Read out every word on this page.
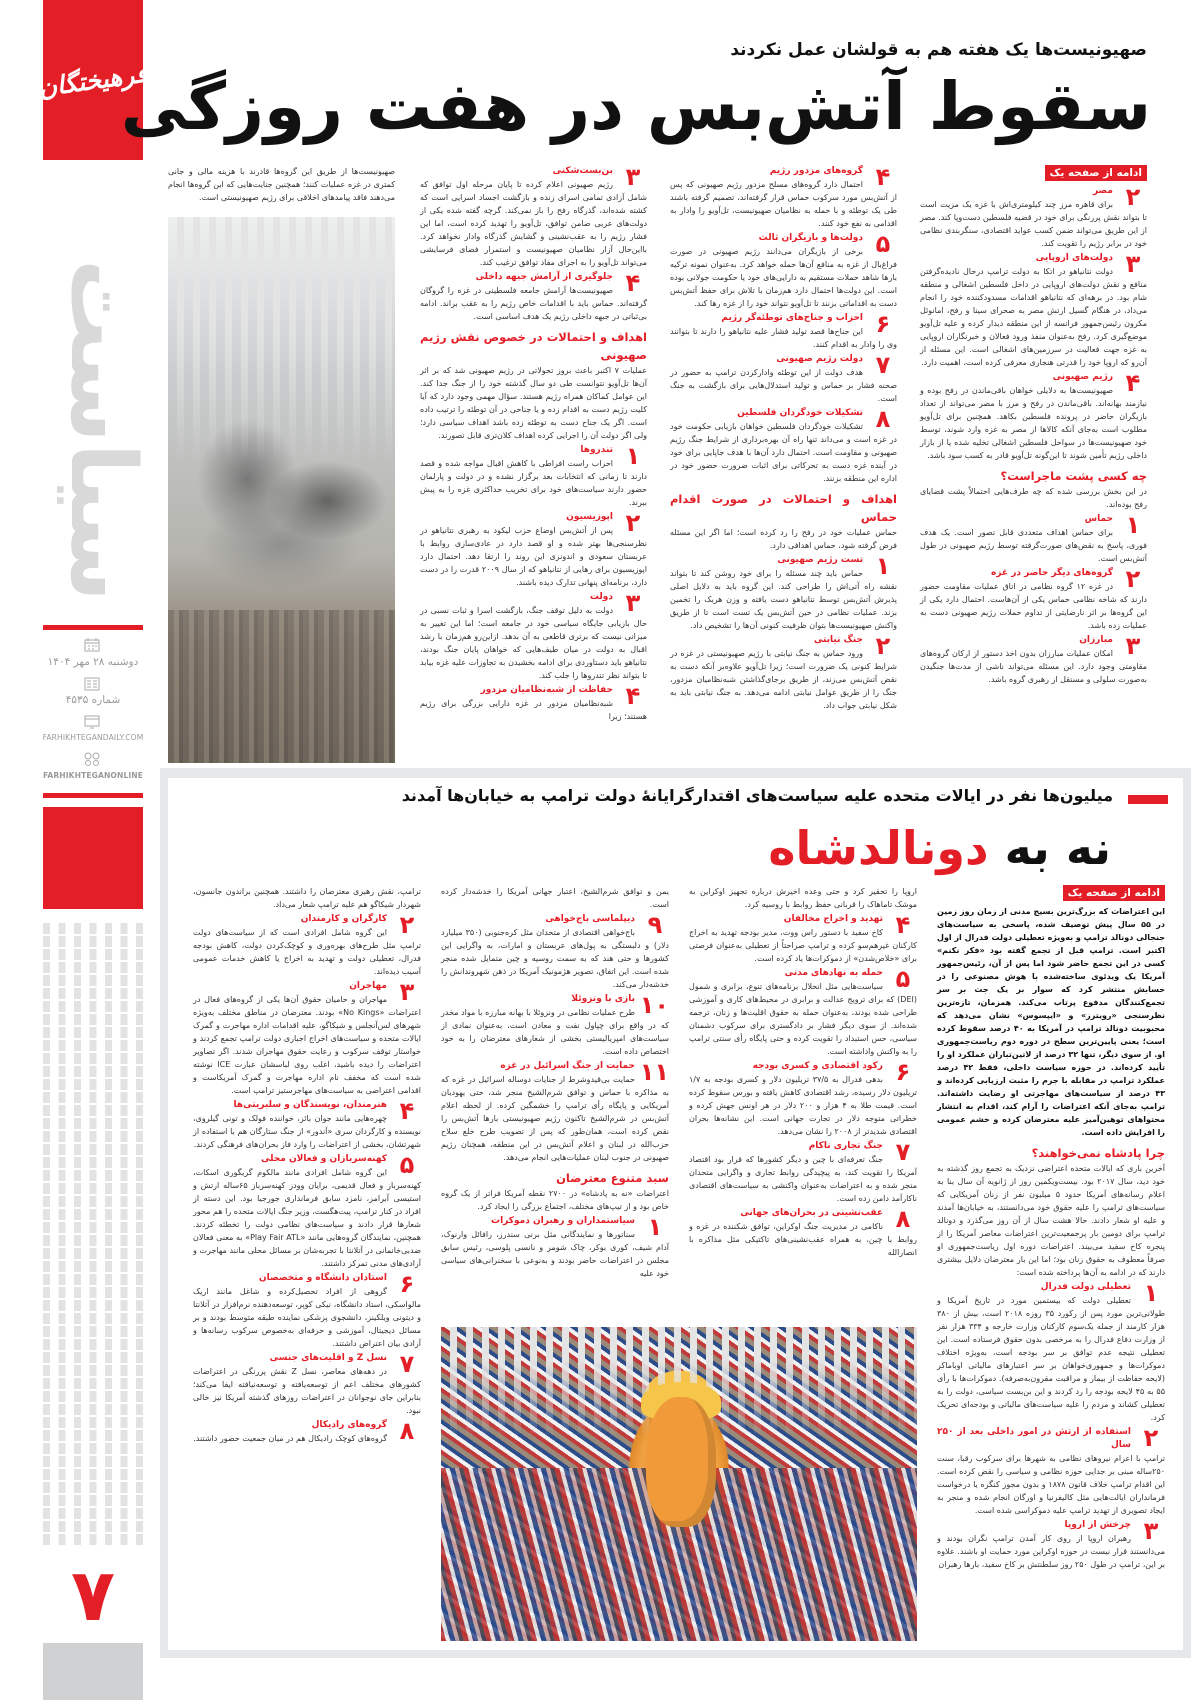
فرهیختگان
سیاست
دوشنبه ۲۸ مهر ۱۴۰۴
شماره ۴۵۳۵
FARHIKHTEGANDAILY.COM
FARHIKHTEGANONLINE
۷
صهیونیست‌ها یک هفته هم به قولشان عمل نکردند
سقوط آتش‌بس در هفت روزگی
ادامه از صفحه یک
۲
مصر
برای قاهره مرز چند کیلومتری‌اش با غزه یک مزیت است تا بتواند نقش پررنگی برای خود در قضیه فلسطین دست‌وپا کند. مصر از این طریق می‌تواند ضمن کسب عواید اقتصادی، سنگربندی نظامی خود در برابر رژیم را تقویت کند.
۳
دولت‌های اروپایی
دولت نتانیاهو در اتکا به دولت ترامپ درحال نادیده‌گرفتن منافع و نقش دولت‌های اروپایی در داخل فلسطین اشغالی و منطقه شام بود. در برهه‌ای که نتانیاهو اقدامات مسدودکننده خود را انجام می‌داد، در هنگام گسیل ارتش مصر به صحرای سینا و رفح، امانوئل مکرون رئیس‌جمهور فرانسه از این منطقه دیدار کرده و علیه تل‌آویو موضع‌گیری کرد. رفح به‌عنوان منفذ ورود فعالان و خبرنگاران اروپایی به غزه جهت فعالیت در سرزمین‌های اشغالی است. این مسئله از آن‌رو که اروپا خود را قدرتی هنجاری معرفی کرده است، اهمیت دارد.
۴
رژیم صهیونی
صهیونیست‌ها به دلایلی خواهان باقی‌ماندن در رفح بوده و نیازمند بهانه‌اند. باقی‌ماندن در رفح و مرز با مصر می‌تواند از تعداد بازیگران حاضر در پرونده فلسطین بکاهد. همچنین برای تل‌آویو مطلوب است به‌جای آنکه کالاها از مصر به غزه وارد شوند، توسط خود صهیونیست‌ها در سواحل فلسطین اشغالی تخلیه شده یا از بازار داخلی رژیم تأمین شوند تا این‌گونه تل‌آویو قادر به کسب سود باشد.
چه کسی پشت ماجراست؟

در این بخش بررسی شده که چه طرف‌هایی احتمالاً پشت قضایای رفح بوده‌اند.

۱
حماس
برای حماس اهداف متعددی قابل تصور است. یک هدف فوری، پاسخ به نقض‌های صورت‌گرفته توسط رژیم صهیونی در طول آتش‌بس است.
۲
گروه‌های دیگر حاضر در غزه
در غزه ۱۲ گروه نظامی در اتاق عملیات مقاومت حضور دارند که شاخه نظامی حماس یکی از آن‌هاست. احتمال دارد یکی از این گروه‌ها بر اثر نارضایتی از تداوم حملات رژیم صهیونی دست به عملیات زده باشد.
۳
مبارزان
امکان عملیات مبارزان بدون اخذ دستور از ارکان گروه‌های مقاومتی وجود دارد. این مسئله می‌تواند ناشی از مدت‌ها جنگیدن به‌صورت سلولی و مستقل از رهبری گروه باشد.
۴
گروه‌های مزدور رژیم
احتمال دارد گروه‌های مسلح مزدور رژیم صهیونی که پس از آتش‌بس مورد سرکوب حماس قرار گرفته‌اند، تصمیم گرفته باشند طی یک توطئه و با حمله به نظامیان صهیونیست، تل‌آویو را وادار به اقدامی به نفع خود کنند.
۵
دولت‌ها و بازیگران ثالث
برخی از بازیگران می‌دانند رژیم صهیونی در صورت فراغ‌بال از غزه به منافع آن‌ها حمله خواهد کرد. به‌عنوان نمونه ترکیه بارها شاهد حملات مستقیم به دارایی‌های خود یا حکومت جولانی بوده است. این دولت‌ها احتمال دارد هم‌زمان با تلاش برای حفظ آتش‌بس دست به اقداماتی بزنند تا تل‌آویو نتواند خود را از غزه رها کند.
۶
احزاب و جناح‌های توطئه‌گر رژیم
این جناح‌ها قصد تولید فشار علیه نتانیاهو را دارند تا بتوانند وی را وادار به اقدام کنند.
۷
دولت رژیم صهیونی
هدف دولت از این توطئه وادارکردن ترامپ به حضور در صحنه فشار بر حماس و تولید استدلال‌هایی برای بازگشت به جنگ است.
۸
تشکیلات خودگردان فلسطین
تشکیلات خودگردان فلسطین خواهان بازیابی حکومت خود در غزه است و می‌داند تنها راه آن بهره‌برداری از شرایط جنگ رژیم صهیونی و مقاومت است. احتمال دارد آن‌ها با هدف جاپایی برای خود در آینده غزه دست به تحرکاتی برای اثبات ضرورت حضور خود در اداره این منطقه بزنند.
اهداف و احتمالات در صورت اقدام حماس

حماس عملیات خود در رفح را رد کرده است؛ اما اگر این مسئله فرض گرفته شود، حماس اهدافی دارد.

۱
تست رژیم صهیونی
حماس باید چند مسئله را برای خود روشن کند تا بتواند نقشه راه آتی‌اش را طراحی کند. این گروه باید به دلایل اصلی پذیرش آتش‌بس توسط نتانیاهو دست یافته و وزن هریک را تخمین بزند. عملیات نظامی در حین آتش‌بس یک تست است تا از طریق واکنش صهیونیست‌ها بتوان ظرفیت کنونی آن‌ها را تشخیص داد.
۲
جنگ نیابتی
ورود حماس به جنگ نیابتی با رژیم صهیونیستی در غزه در شرایط کنونی یک ضرورت است؛ زیرا تل‌آویو علاوه‌بر آنکه دست به نقض آتش‌بس می‌زند، از طریق برجای‌گذاشتن شبه‌نظامیان مزدور، جنگ را از طریق عوامل نیابتی ادامه می‌دهد. به جنگ نیابتی باید به شکل نیابتی جواب داد.
۳
بن‌بست‌شکنی
رژیم صهیونی اعلام کرده تا پایان مرحله اول توافق که شامل آزادی تمامی اسرای زنده و بازگشت اجساد اسرایی است که کشته شده‌اند، گذرگاه رفح را باز نمی‌کند. گرچه گفته شده یکی از دولت‌های عربی ضامن توافق، تل‌آویو را تهدید کرده است، اما این فشار رژیم را به عقب‌نشینی و گشایش گذرگاه وادار نخواهد کرد. بااین‌حال آزار نظامیان صهیونیست و استمرار فضای فرسایشی می‌تواند تل‌آویو را به اجرای مفاد توافق ترغیب کند.
۴
جلوگیری از آرامش جبهه داخلی
صهیونیست‌ها آرامش جامعه فلسطینی در غزه را گروگان گرفته‌اند. حماس باید با اقدامات خاص رژیم را به عقب براند. ادامه بی‌ثباتی در جبهه داخلی رژیم یک هدف اساسی است.
اهداف و احتمالات در خصوص نقش رژیم صهیونی

عملیات ۷ اکتبر باعث بروز تحولاتی در رژیم صهیونی شد که بر اثر آن‌ها تل‌آویو نتوانست طی دو سال گذشته خود را از جنگ جدا کند. این عوامل کماکان همراه رژیم هستند. سؤال مهمی وجود دارد که آیا کلیت رژیم دست به اقدام زده و یا جناحی در آن توطئه را ترتیب داده است. اگر یک جناح دست به توطئه زده باشد اهداف سیاسی دارد؛ ولی اگر دولت آن را اجرایی کرده اهداف کلان‌تری قابل تصورند.

۱
تندروها
احزاب راست افراطی با کاهش اقبال مواجه شده و قصد دارند تا زمانی که انتخابات بعد برگزار نشده و در دولت و پارلمان حضور دارند سیاست‌های خود برای تخریب حداکثری غزه را به پیش ببرند.
۲
اپوزیسیون
پس از آتش‌بس اوضاع حزب لیکود به رهبری نتانیاهو در نظرسنجی‌ها بهتر شده و او قصد دارد در عادی‌سازی روابط با عربستان سعودی و اندونزی این روند را ارتقا دهد. احتمال دارد اپوزیسیون برای رهایی از نتانیاهو که از سال ۲۰۰۹ قدرت را در دست دارد، برنامه‌ای پنهانی تدارک دیده باشند.
۳
دولت
دولت به دلیل توقف جنگ، بازگشت اسرا و ثبات نسبی در حال بازیابی جایگاه سیاسی خود در جامعه است؛ اما این تغییر به میزانی نیست که برتری قاطعی به آن بدهد. ازاین‌رو هم‌زمان با رشد اقبال به دولت در میان طیف‌هایی که خواهان پایان جنگ بودند، نتانیاهو باید دستاوردی برای ادامه بخشیدن به تجاوزات علیه غزه بیابد تا بتواند نظر تندروها را جلب کند.
۴
حفاظت از شبه‌نظامیان مزدور
شبه‌نظامیان مزدور در غزه دارایی بزرگی برای رژیم هستند؛ زیرا

صهیونیست‌ها از طریق این گروه‌ها قادرند با هزینه مالی و جانی کمتری در غزه عملیات کنند؛ همچنین جنایت‌هایی که این گروه‌ها انجام می‌دهند فاقد پیامدهای اخلاقی برای رژیم صهیونیستی است.

میلیون‌ها نفر در ایالات متحده علیه سیاست‌های اقتدارگرایانهٔ دولت ترامپ به خیابان‌ها آمدند
نه به دونالدشاه
ادامه از صفحه یک

این اعتراضات که بزرگ‌ترین بسیج مدنی از زمان روز زمین در ۵۵ سال پیش توصیف شده، پاسخی به سیاست‌های جنجالی دونالد ترامپ و به‌ویژه تعطیلی دولت فدرال از اول اکتبر است. ترامپ قبل از تجمع گفته بود «فکر نکنم» کسی در این تجمع حاضر شود اما پس از آن، رئیس‌جمهور آمریکا یک ویدئوی ساخته‌شده با هوش مصنوعی را در حسابش منتشر کرد که سوار بر یک جت بر سر تجمع‌کنندگان مدفوع پرتاب می‌کند. همزمان، تازه‌ترین نظرسنجی «رویترز» و «ایپسوس» نشان می‌دهد که محبوبیت دونالد ترامپ در آمریکا به ۴۰ درصد سقوط کرده است؛ یعنی پایین‌ترین سطح در دوره دوم ریاست‌جمهوری او. از سوی دیگر، تنها ۳۲ درصد از لاتین‌تباران عملکرد او را تأیید کرده‌اند. در حوزه سیاست داخلی، فقط ۴۲ درصد عملکرد ترامپ در مقابله با جرم را مثبت ارزیابی کرده‌اند و ۴۳ درصد از سیاست‌های مهاجرتی او رضایت داشته‌اند. ترامپ به‌جای آنکه اعتراضات را آرام کند، اقدام به انتشار محتواهای توهین‌آمیز علیه معترضان کرده و خشم عمومی را افزایش داده است.

چرا پادشاه نمی‌خواهند؟

آخرین باری که ایالات متحده اعتراضی نزدیک به تجمع روز گذشته به خود دید، سال ۲۰۱۷ بود. بیست‌ویکمین روز از ژانویه آن سال بنا به اعلام رسانه‌های آمریکا حدود ۵ میلیون نفر از زنان آمریکایی که سیاست‌های ترامپ را علیه حقوق خود می‌دانستند، به خیابان‌ها آمدند و علیه او شعار دادند. حالا هشت سال از آن روز می‌گذرد و دونالد ترامپ برای دومین بار پرجمعیت‌ترین اعتراضات معاصر آمریکا را از پنجره کاخ سفید می‌بیند. اعتراضات دوره اول ریاست‌جمهوری او صرفاً معطوف به حقوق زنان بود؛ اما این بار معترضان دلایل بیشتری دارند که در ادامه به آن‌ها پرداخته شده است:

۱
تعطیلی دولت فدرال
تعطیلی دولت که بیستمین مورد در تاریخ آمریکا و طولانی‌ترین مورد پس از رکورد ۳۵ روزه ۲۰۱۸ است، بیش از ۳۸۰ هزار کارمند از جمله یک‌سوم کارکنان وزارت خارجه و ۳۳۴ هزار نفر از وزارت دفاع فدرال را به مرخصی بدون حقوق فرستاده است. این تعطیلی نتیجه عدم توافق بر سر بودجه است، به‌ویژه اختلاف دموکرات‌ها و جمهوری‌خواهان بر سر اعتبارهای مالیاتی اوباماکر (لایحه حفاظت از بیمار و مراقبت مقرون‌به‌صرفه). دموکرات‌ها با رأی ۵۵ به ۴۵ لایحه بودجه را رد کردند و این بن‌بست سیاسی، دولت را به تعطیلی کشاند و مردم را علیه سیاست‌های مالیاتی و بودجه‌ای تحریک کرد.
۲
استفاده از ارتش در امور داخلی بعد از ۲۵۰ سال
ترامپ با اعزام نیروهای نظامی به شهرها برای سرکوب رقبا، سنت ۲۵۰ساله مبنی بر جدایی حوزه نظامی و سیاسی را نقض کرده است. این اقدام ترامپ خلاف قانون ۱۸۷۸ و بدون مجوز کنگره یا درخواست فرمانداران ایالت‌هایی مثل کالیفرنیا و اورگان انجام شده و منجر به ایجاد تصویری از تهدید ترامپ علیه دموکراسی شده است.
۳
چرخش از اروپا
رهبران اروپا از روی کار آمدن ترامپ نگران بودند و می‌دانستند قرار نیست در حوزه اوکراین مورد حمایت او باشند. علاوه بر این، ترامپ در طول ۲۵۰ روز سلطنتش بر کاخ سفید، بارها رهبران

اروپا را تحقیر کرد و حتی وعده اخیرش درباره تجهیز اوکراین به موشک تاماهاک را قربانی حفظ روابط با روسیه کرد.

۴
تهدید و اخراج مخالفان
کاخ سفید با دستور راس ووت، مدیر بودجه تهدید به اخراج کارکنان غیرهم‌سو کرده و ترامپ صراحتاً از تعطیلی به‌عنوان فرصتی برای «خلاص‌شدن» از دموکرات‌ها یاد کرده است.
۵
حمله به نهادهای مدنی
سیاست‌هایی مثل انحلال برنامه‌های تنوع، برابری و شمول (DEI) که برای ترویج عدالت و برابری در محیط‌های کاری و آموزشی طراحی شده بودند، به‌عنوان حمله به حقوق اقلیت‌ها و زنان، ترجمه شده‌اند. از سوی دیگر فشار بر دادگستری برای سرکوب دشمنان سیاسی، حس استبداد را تقویت کرده و حتی پایگاه رأی سنتی ترامپ را به واکنش واداشته است.
۶
رکود اقتصادی و کسری بودجه
بدهی فدرال به ۳۷/۵ تریلیون دلار و کسری بودجه به ۱/۷ تریلیون دلار رسیده، رشد اقتصادی کاهش یافته و بورس سقوط کرده است. قیمت طلا به ۴ هزار و ۲۰۰ دلار در هر اونس جهش کرده و خطراتی متوجه دلار در تجارت جهانی است. این نشانه‌ها بحران اقتصادی شدیدتر از ۲۰۰۸ را نشان می‌دهد.
۷
جنگ تجاری ناکام
جنگ تعرفه‌ای با چین و دیگر کشورها که قرار بود اقتصاد آمریکا را تقویت کند، به پیچیدگی روابط تجاری و واگرایی متحدان منجر شده و به اعتراضات به‌عنوان واکنشی به سیاست‌های اقتصادی ناکارآمد دامن زده است.
۸
عقب‌نشینی در بحران‌های جهانی
ناکامی در مدیریت جنگ اوکراین، توافق شکننده در غزه و روابط با چین، به همراه عقب‌نشینی‌های تاکتیکی مثل مذاکره با انصارالله

یمن و توافق شرم‌الشیخ، اعتبار جهانی آمریکا را خدشه‌دار کرده است.

۹
دیپلماسی باج‌خواهی
باج‌خواهی اقتصادی از متحدان مثل کره‌جنوبی (۳۵۰ میلیارد دلار) و دلبستگی به پول‌های عربستان و امارات، به واگرایی این کشورها و حتی هند که به سمت روسیه و چین متمایل شده منجر شده است. این اتفاق، تصویر هژمونیک آمریکا در ذهن شهروندانش را خدشه‌دار می‌کند.
۱۰
بازی با ونزوئلا
طرح عملیات نظامی در ونزوئلا با بهانه مبارزه با مواد مخدر که در واقع برای چپاول نفت و معادن است، به‌عنوان نمادی از سیاست‌های امپریالیستی بخشی از شعارهای معترضان را به خود اختصاص داده است.
۱۱
حمایت از جنگ اسرائیل در غزه
حمایت بی‌قیدوشرط از جنایات دوساله اسرائیل در غزه که به مذاکره با حماس و توافق شرم‌الشیخ منجر شد، حتی یهودیان آمریکایی و پایگاه رأی ترامپ را خشمگین کرده. از لحظه اعلام آتش‌بس در شرم‌الشیخ تاکنون رژیم صهیونیستی بارها آتش‌بس را نقض کرده است، همان‌طور که پس از تصویب طرح خلع سلاح حزب‌الله در لبنان و اعلام آتش‌بس در این منطقه، همچنان رژیم صهیونی در جنوب لبنان عملیات‌هایی انجام می‌دهد.
سبد متنوع معترضان

اعتراضات «نه به پادشاه» در ۲۷۰۰ نقطه آمریکا فراتر از یک گروه خاص بود و از تیپ‌های مختلف، اجتماع بزرگی را ایجاد کرد.

۱
سیاستمداران و رهبران دموکرات
سناتورها و نمایندگانی مثل برنی سندرز، رافائل وارنوک، آدام شیف، کوری بوکر، چاک شومر و نانسی پلوسی، رئیس سابق مجلس در اعتراضات حاضر بودند و به‌نوعی با سخنرانی‌های سیاسی خود علیه

ترامپ، نقش رهبری معترضان را داشتند. همچنین براندون جانسون، شهردار شیکاگو هم علیه ترامپ شعار می‌داد.

۲
کارگران و کارمندان
این گروه شامل افرادی است که از سیاست‌های دولت ترامپ مثل طرح‌های بهره‌وری و کوچک‌کردن دولت، کاهش بودجه فدرال، تعطیلی دولت و تهدید به اخراج یا کاهش خدمات عمومی آسیب دیده‌اند.
۳
مهاجران
مهاجران و حامیان حقوق آن‌ها یکی از گروه‌های فعال در اعتراضات «No Kings» بودند. معترضان در مناطق مختلف به‌ویژه شهرهای لس‌آنجلس و شیکاگو، علیه اقدامات اداره مهاجرت و گمرک ایالات متحده و سیاست‌های اخراج اجباری دولت ترامپ تجمع کردند و خواستار توقف سرکوب و رعایت حقوق مهاجران شدند. اگر تصاویر اعتراضات را دیده باشید، اغلب روی لباسشان عبارت ICE نوشته شده است که مخفف نام اداره مهاجرت و گمرک آمریکاست و اقدامی اعتراضی به سیاست‌های مهاجرستیز ترامپ است.
۴
هنرمندان، نویسندگان و سلبریتی‌ها
چهره‌هایی مانند جوان بائز، خواننده فولک و تونی گیلروی، نویسنده و کارگردان سری «آندور» از جنگ ستارگان هم با استفاده از شهرتشان، بخشی از اعتراضات را وارد فاز بحران‌های فرهنگی کردند.
۵
کهنه‌سربازان و فعالان محلی
این گروه شامل افرادی مانند مالکوم گریگوری اسکات، کهنه‌سرباز و فعال قدیمی، برایان وودز کهنه‌سرباز ۶۵ساله ارتش و استیسی آبرامز، نامزد سابق فرمانداری جورجیا بود. این دسته از افراد در کنار ترامپ، پیت‌هگست، وزیر جنگ ایالات متحده را هم محور شعارها قرار دادند و سیاست‌های نظامی دولت را تخطئه کردند. همچنین، نمایندگان گروه‌هایی مانند «Play Fair ATL» به معنی فعالان ضدبی‌خانمانی در آتلانتا با تجربه‌شان بر مسائل محلی مانند مهاجرت و آزادی‌های مدنی تمرکز داشتند.
۶
استادان دانشگاه و متخصصان
گروهی از افراد تحصیل‌کرده و شاغل مانند اریک مالواسکی، استاد دانشگاه، نیکی کوپر، توسعه‌دهنده نرم‌افزار در آتلانتا و دیتونی ویلکینز، دانشجوی پزشکی نماینده طبقه متوسط بودند و بر مسائل دیجیتال، آموزشی و حرفه‌ای به‌خصوص سرکوب رسانه‌ها و آزادی بیان اعتراض داشتند.
۷
نسل Z و اقلیت‌های جنسی
در دهه‌های معاصر، نسل Z نقش پررنگی در اعتراضات کشورهای مختلف اعم از توسعه‌یافته و توسعه‌نیافته ایفا می‌کند؛ بنابراین جای نوجوانان در اعتراضات روزهای گذشته آمریکا نیز خالی نبود.
۸
گروه‌های رادیکال
گروه‌های کوچک رادیکال هم در میان جمعیت حضور داشتند.
